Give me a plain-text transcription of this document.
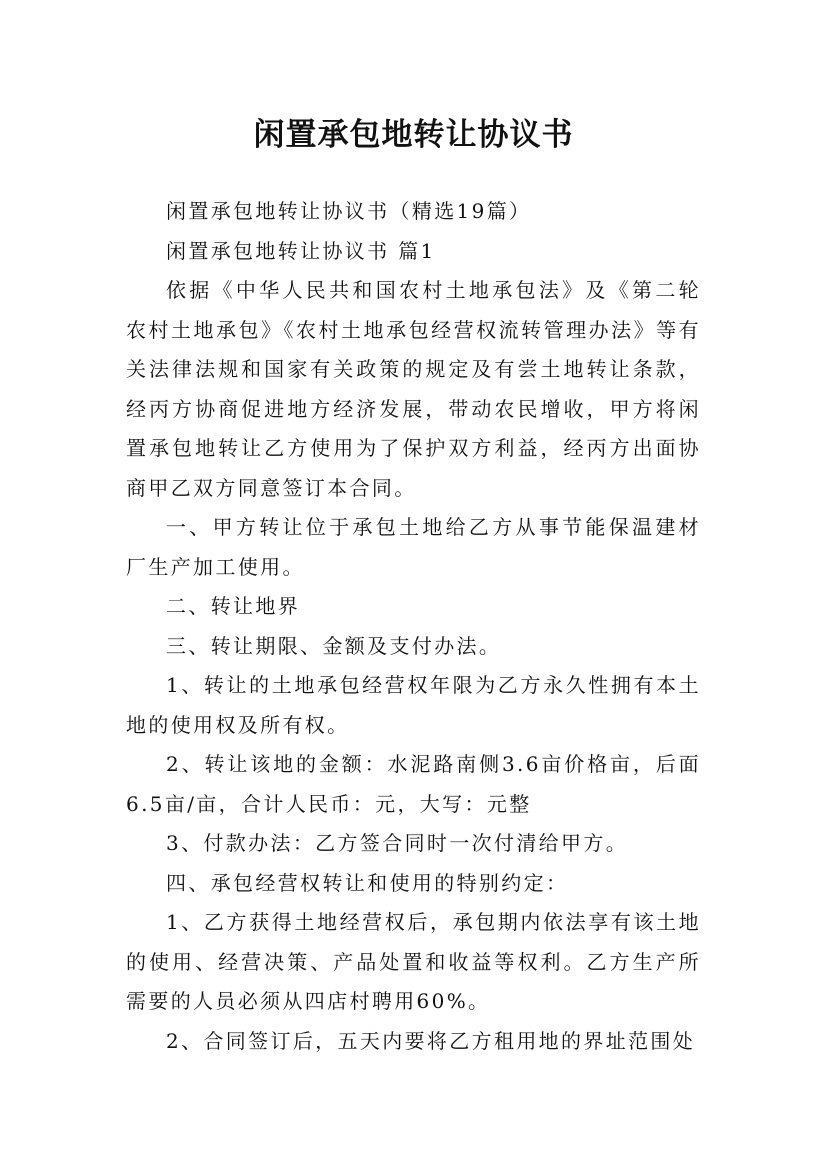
闲置承包地转让协议书

闲置承包地转让协议书（精选19篇）

闲置承包地转让协议书 篇1

依据《中华人民共和国农村土地承包法》及《第二轮农村土地承包》《农村土地承包经营权流转管理办法》等有关法律法规和国家有关政策的规定及有尝土地转让条款，经丙方协商促进地方经济发展，带动农民增收，甲方将闲置承包地转让乙方使用为了保护双方利益，经丙方出面协商甲乙双方同意签订本合同。

一、甲方转让位于承包土地给乙方从事节能保温建材厂生产加工使用。

二、转让地界

三、转让期限、金额及支付办法。

1、转让的土地承包经营权年限为乙方永久性拥有本土地的使用权及所有权。

2、转让该地的金额：水泥路南侧3.6亩价格亩，后面6.5亩/亩，合计人民币：元，大写：元整

3、付款办法：乙方签合同时一次付清给甲方。

四、承包经营权转让和使用的特别约定：

1、乙方获得土地经营权后，承包期内依法享有该土地的使用、经营决策、产品处置和收益等权利。乙方生产所需要的人员必须从四店村聘用60%。

2、合同签订后，五天内要将乙方租用地的界址范围处
